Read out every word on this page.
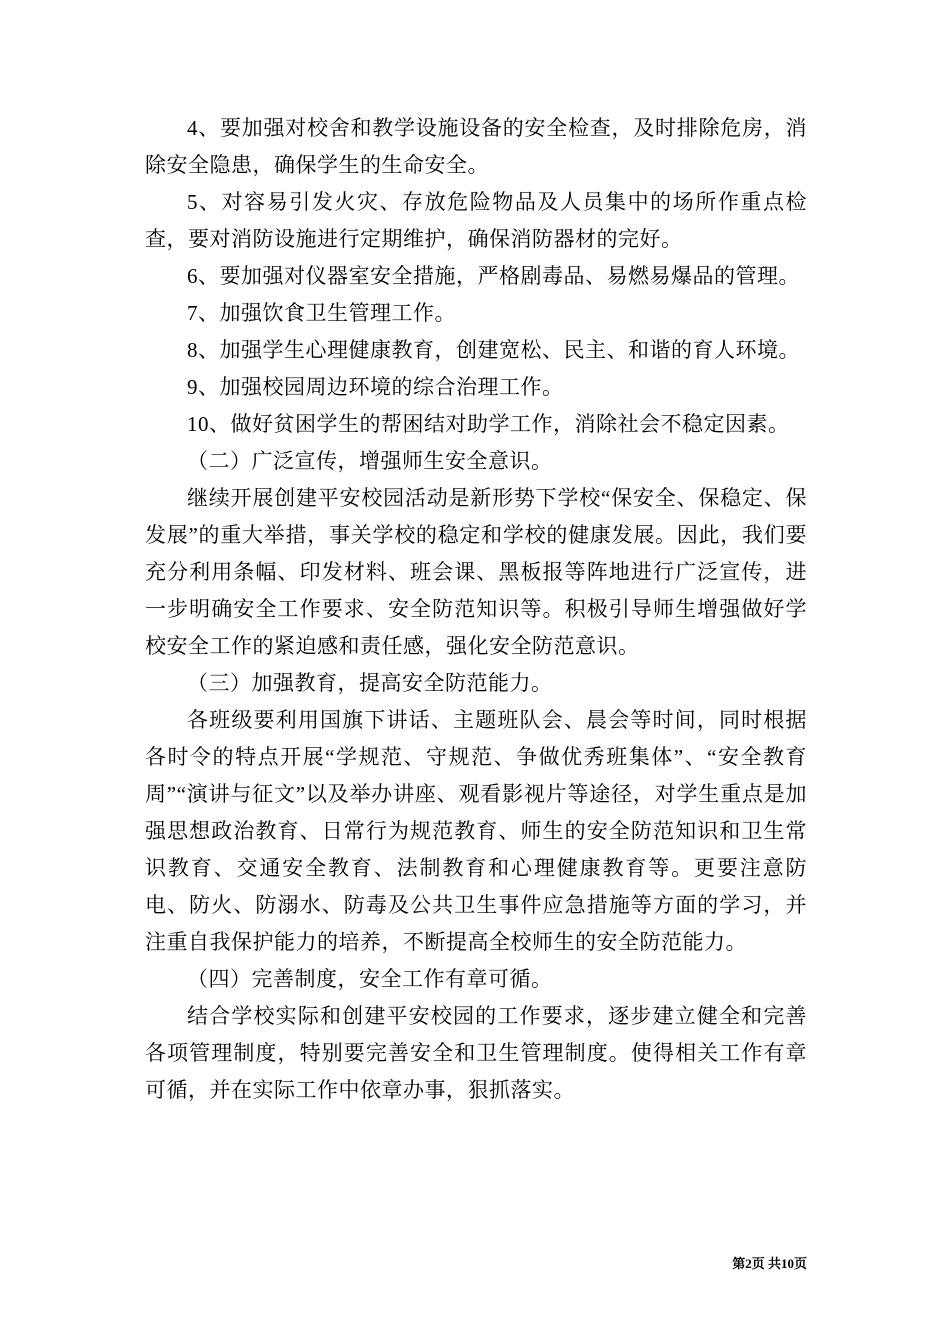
4、要加强对校舍和教学设施设备的安全检查，及时排除危房，消除安全隐患，确保学生的生命安全。

5、对容易引发火灾、存放危险物品及人员集中的场所作重点检查，要对消防设施进行定期维护，确保消防器材的完好。

6、要加强对仪器室安全措施，严格剧毒品、易燃易爆品的管理。

7、加强饮食卫生管理工作。

8、加强学生心理健康教育，创建宽松、民主、和谐的育人环境。

9、加强校园周边环境的综合治理工作。

10、做好贫困学生的帮困结对助学工作，消除社会不稳定因素。

（二）广泛宣传，增强师生安全意识。

继续开展创建平安校园活动是新形势下学校“保安全、保稳定、保发展”的重大举措，事关学校的稳定和学校的健康发展。因此，我们要充分利用条幅、印发材料、班会课、黑板报等阵地进行广泛宣传，进一步明确安全工作要求、安全防范知识等。积极引导师生增强做好学校安全工作的紧迫感和责任感，强化安全防范意识。

（三）加强教育，提高安全防范能力。

各班级要利用国旗下讲话、主题班队会、晨会等时间，同时根据各时令的特点开展“学规范、守规范、争做优秀班集体”、“安全教育周”“演讲与征文”以及举办讲座、观看影视片等途径，对学生重点是加强思想政治教育、日常行为规范教育、师生的安全防范知识和卫生常识教育、交通安全教育、法制教育和心理健康教育等。更要注意防电、防火、防溺水、防毒及公共卫生事件应急措施等方面的学习，并注重自我保护能力的培养，不断提高全校师生的安全防范能力。

（四）完善制度，安全工作有章可循。

结合学校实际和创建平安校园的工作要求，逐步建立健全和完善各项管理制度，特别要完善安全和卫生管理制度。使得相关工作有章可循，并在实际工作中依章办事，狠抓落实。

第2页 共10页
